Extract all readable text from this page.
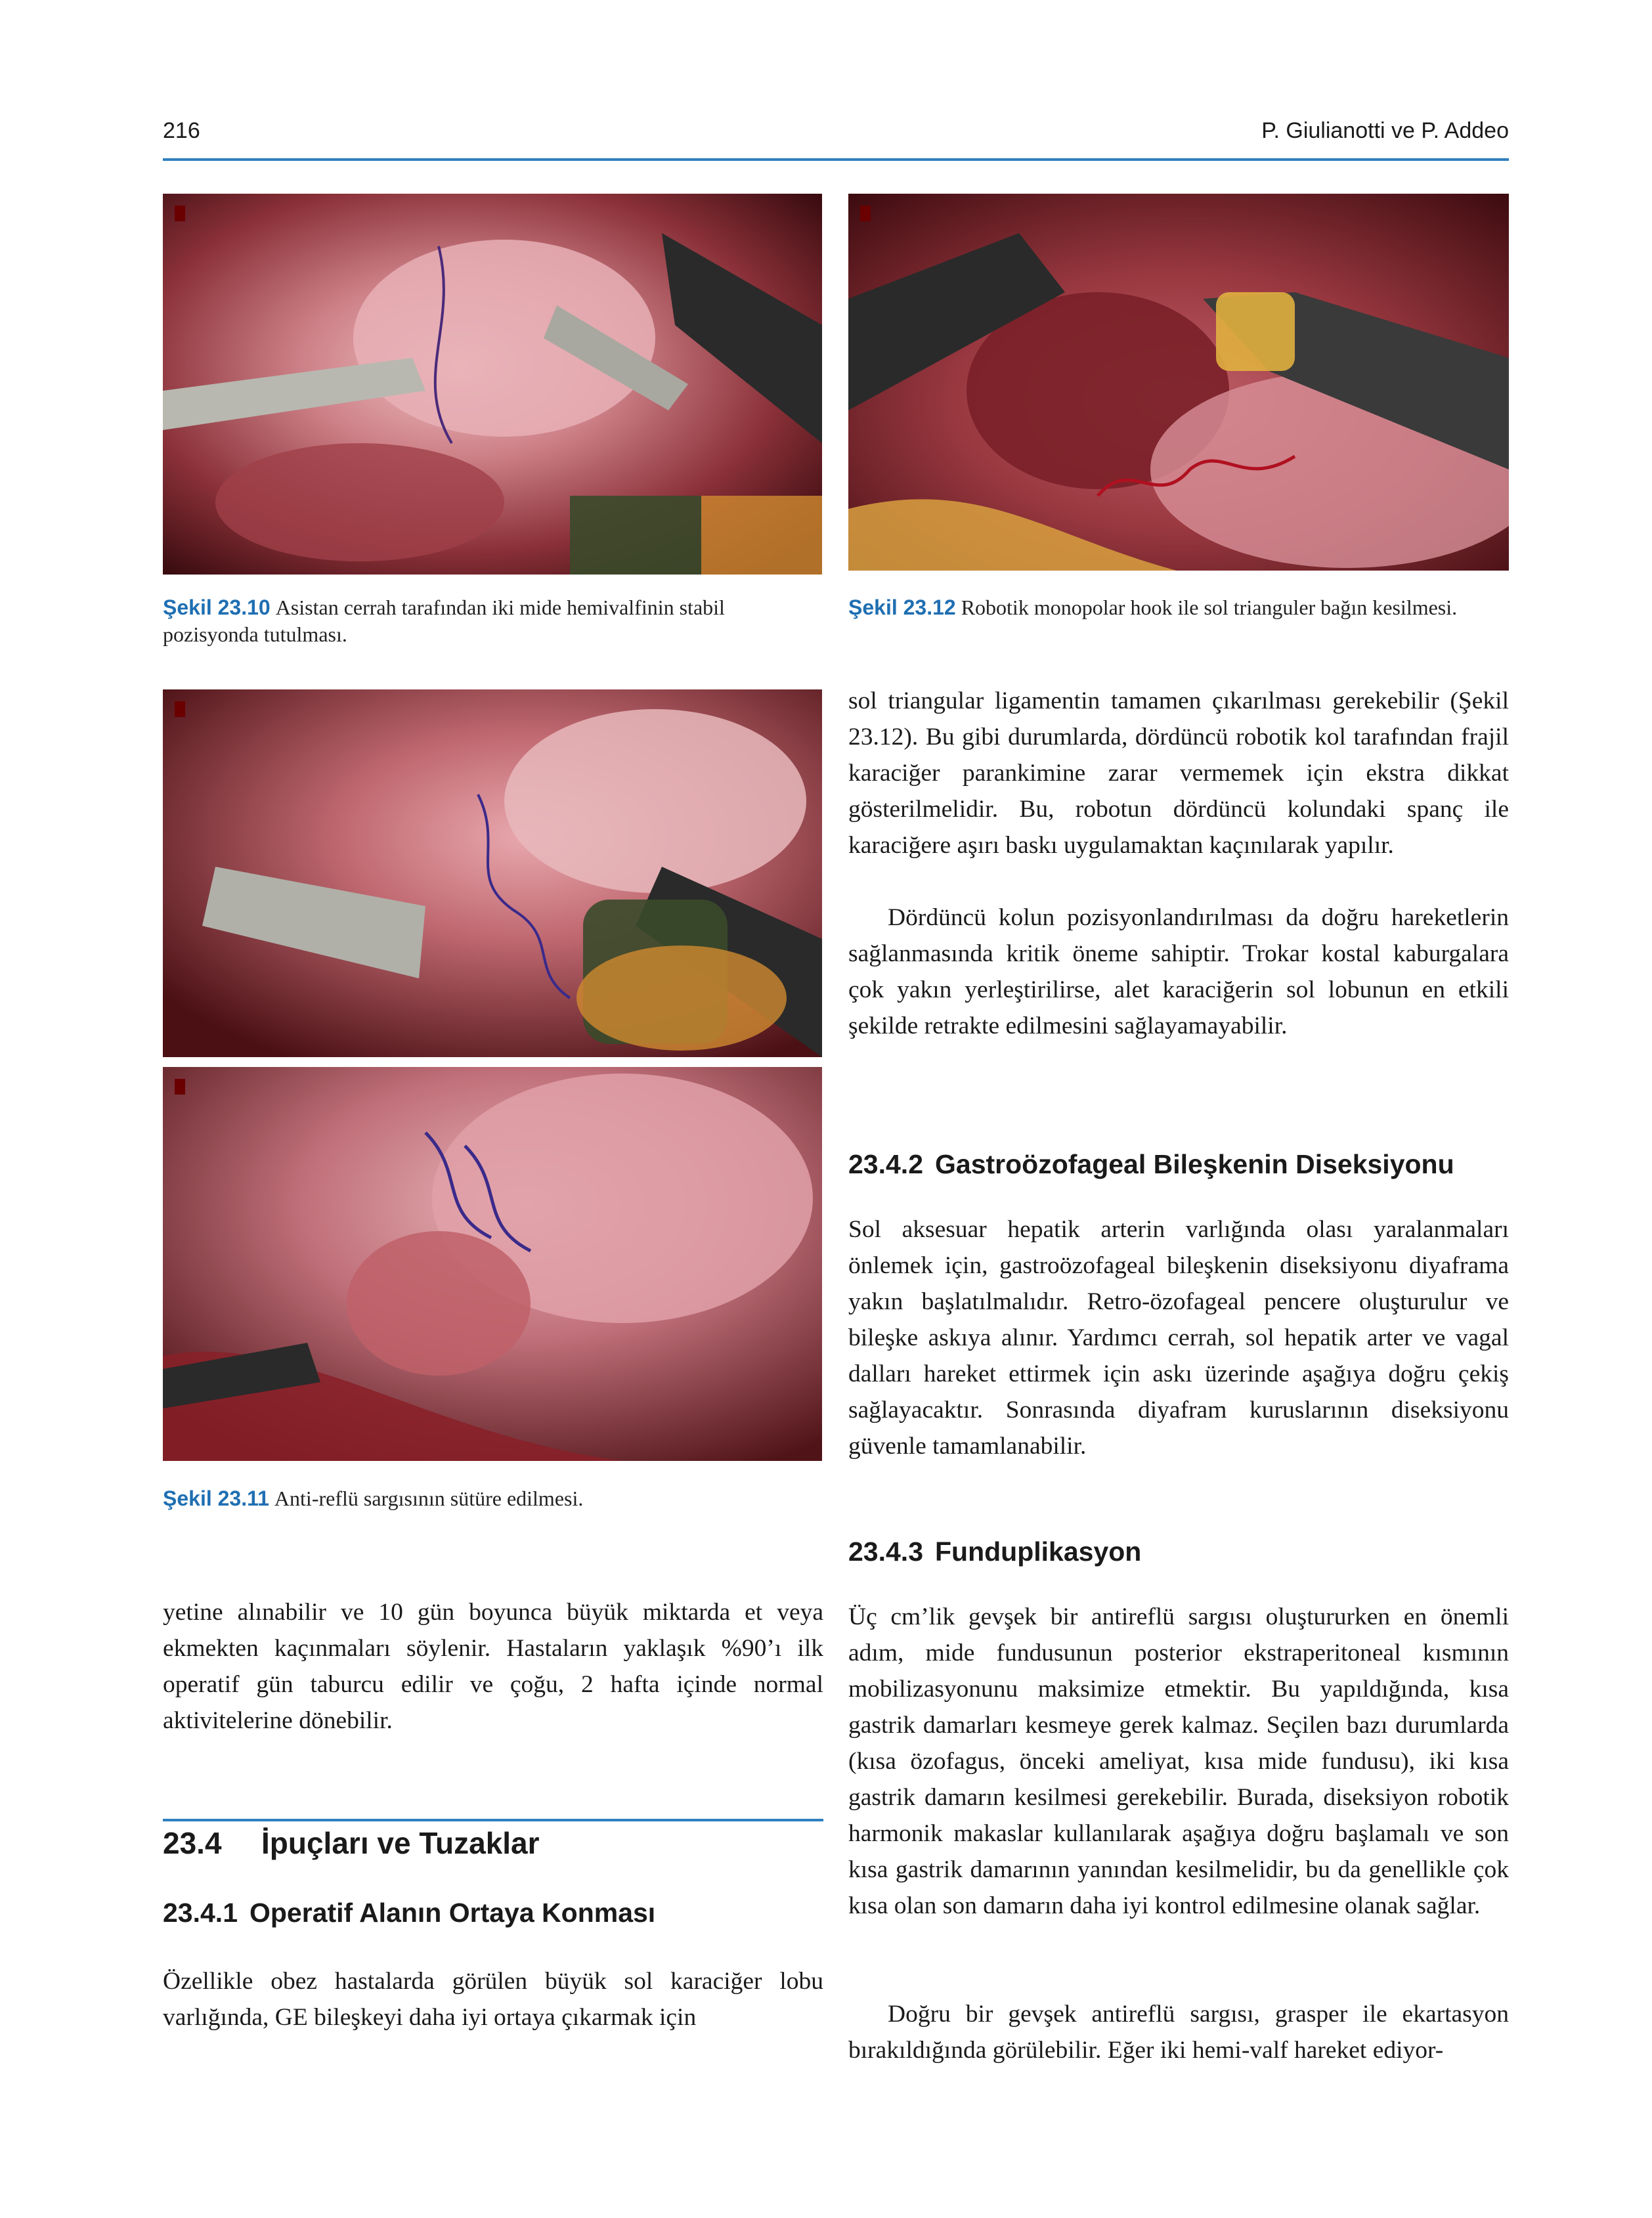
216	P. Giulianotti ve P. Addeo
Şekil 23.10 Asistan cerrah tarafından iki mide hemivalfinin stabil pozisyonda tutulması.
Şekil 23.12 Robotik monopolar hook ile sol trianguler bağın kesilmesi.
Şekil 23.11 Anti-reflü sargısının sütüre edilmesi.

sol triangular ligamentin tamamen çıkarılması gerekebilir (Şekil 23.12). Bu gibi durumlarda, dördüncü robotik kol tarafından frajil karaciğer parankimine zarar vermemek için ekstra dikkat gösterilmelidir. Bu, robotun dördüncü kolundaki spanç ile karaciğere aşırı baskı uygulamaktan kaçınılarak yapılır.

Dördüncü kolun pozisyonlandırılması da doğru hareketlerin sağlanmasında kritik öneme sahiptir. Trokar kostal kaburgalara çok yakın yerleştirilirse, alet karaciğerin sol lobunun en etkili şekilde retrakte edilmesini sağlayamayabilir.

23.4.2 Gastroözofageal Bileşkenin Diseksiyonu

Sol aksesuar hepatik arterin varlığında olası yaralanmaları önlemek için, gastroözofageal bileşkenin diseksiyonu diyaframa yakın başlatılmalıdır. Retro-özofageal pencere oluşturulur ve bileşke askıya alınır. Yardımcı cerrah, sol hepatik arter ve vagal dalları hareket ettirmek için askı üzerinde aşağıya doğru çekiş sağlayacaktır. Sonrasında diyafram kuruslarının diseksiyonu güvenle tamamlanabilir.

23.4.3 Funduplikasyon

Üç cm’lik gevşek bir antireflü sargısı oluştururken en önemli adım, mide fundusunun posterior ekstraperitoneal kısmının mobilizasyonunu maksimize etmektir. Bu yapıldığında, kısa gastrik damarları kesmeye gerek kalmaz. Seçilen bazı durumlarda (kısa özofagus, önceki ameliyat, kısa mide fundusu), iki kısa gastrik damarın kesilmesi gerekebilir. Burada, diseksiyon robotik harmonik makaslar kullanılarak aşağıya doğru başlamalı ve son kısa gastrik damarının yanından kesilmelidir, bu da genellikle çok kısa olan son damarın daha iyi kontrol edilmesine olanak sağlar.

Doğru bir gevşek antireflü sargısı, grasper ile ekartasyon bırakıldığında görülebilir. Eğer iki hemi-valf hareket ediyor-

yetine alınabilir ve 10 gün boyunca büyük miktarda et veya ekmekten kaçınmaları söylenir. Hastaların yaklaşık %90’ı ilk operatif gün taburcu edilir ve çoğu, 2 hafta içinde normal aktivitelerine dönebilir.

23.4 İpuçları ve Tuzaklar
23.4.1 Operatif Alanın Ortaya Konması

Özellikle obez hastalarda görülen büyük sol karaciğer lobu varlığında, GE bileşkeyi daha iyi ortaya çıkarmak için
